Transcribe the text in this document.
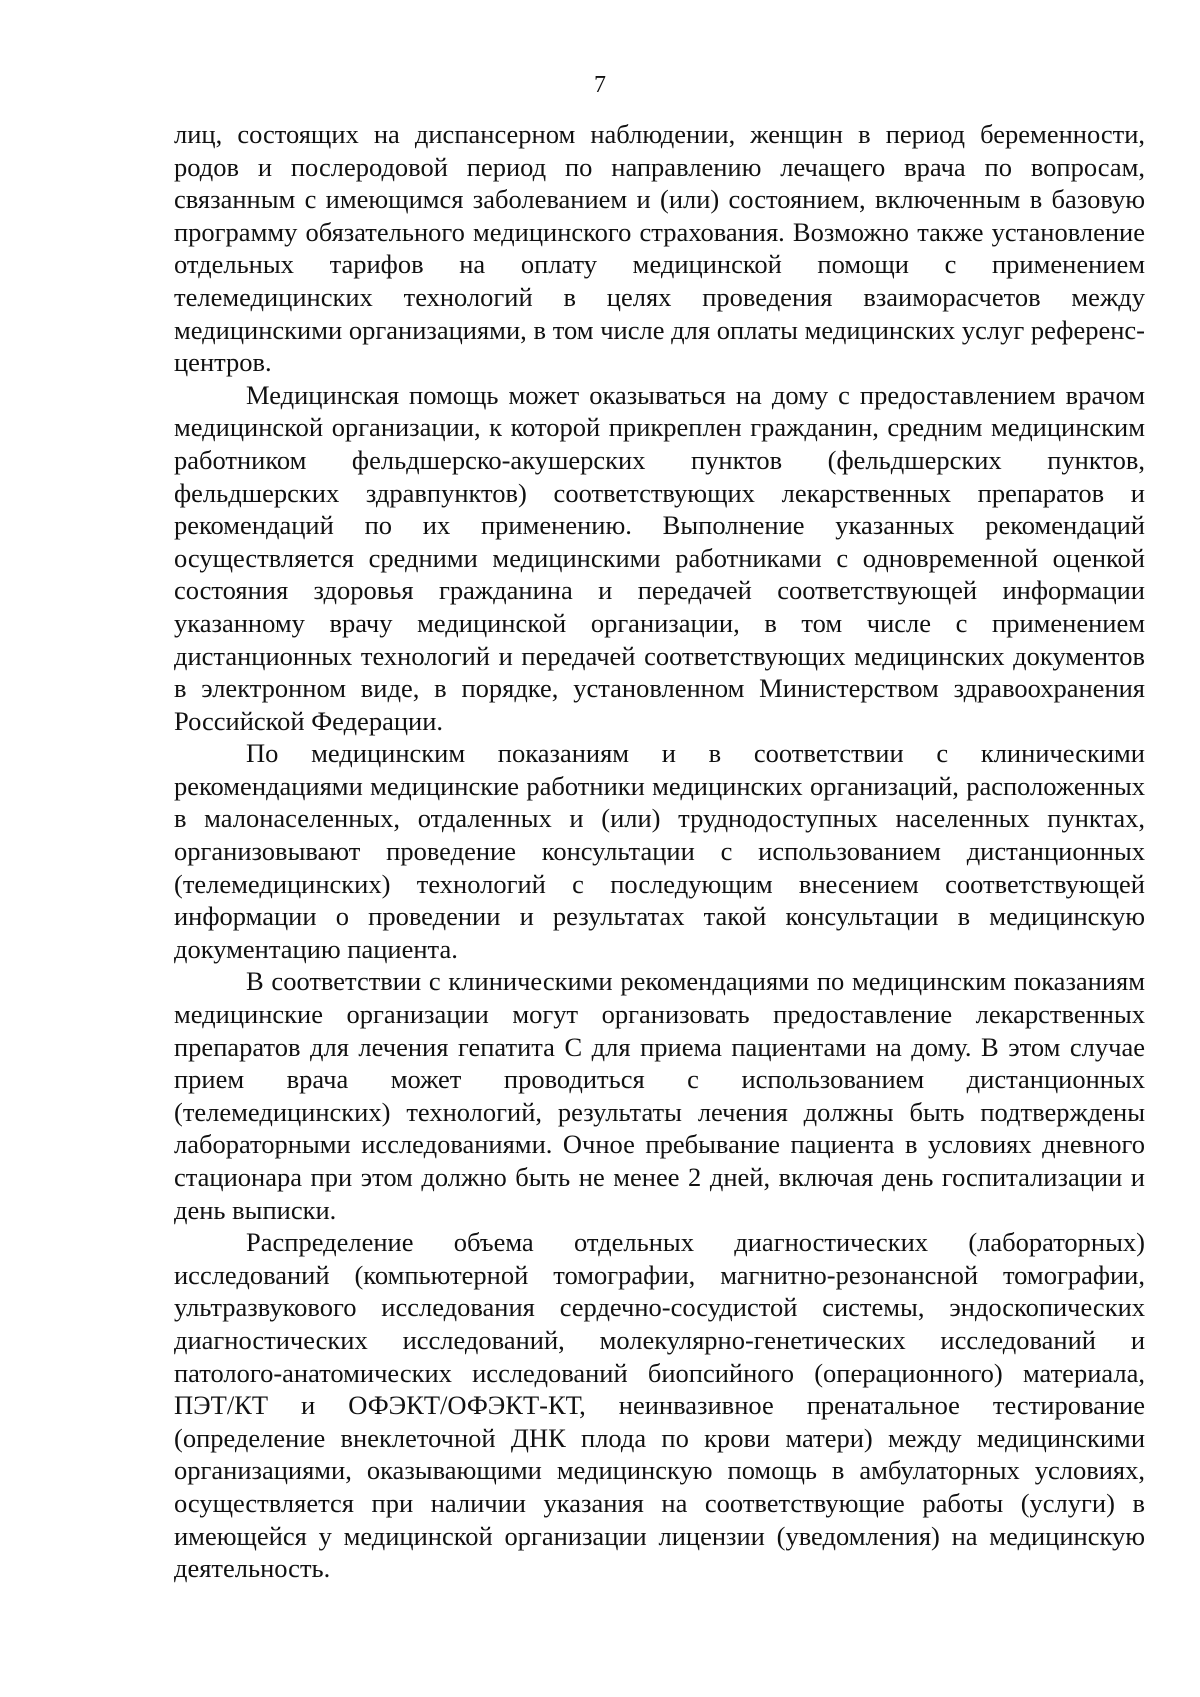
7

лиц, состоящих на диспансерном наблюдении, женщин в период беременности, родов и послеродовой период по направлению лечащего врача по вопросам, связанным с имеющимся заболеванием и (или) состоянием, включенным в базовую программу обязательного медицинского страхования. Возможно также установление отдельных тарифов на оплату медицинской помощи с применением телемедицинских технологий в целях проведения взаиморасчетов между медицинскими организациями, в том числе для оплаты медицинских услуг референс-центров.

Медицинская помощь может оказываться на дому с предоставлением врачом медицинской организации, к которой прикреплен гражданин, средним медицинским работником фельдшерско-акушерских пунктов (фельдшерских пунктов, фельдшерских здравпунктов) соответствующих лекарственных препаратов и рекомендаций по их применению. Выполнение указанных рекомендаций осуществляется средними медицинскими работниками с одновременной оценкой состояния здоровья гражданина и передачей соответствующей информации указанному врачу медицинской организации, в том числе с применением дистанционных технологий и передачей соответствующих медицинских документов в электронном виде, в порядке, установленном Министерством здравоохранения Российской Федерации.

По медицинским показаниям и в соответствии с клиническими рекомендациями медицинские работники медицинских организаций, расположенных в малонаселенных, отдаленных и (или) труднодоступных населенных пунктах, организовывают проведение консультации с использованием дистанционных (телемедицинских) технологий с последующим внесением соответствующей информации о проведении и результатах такой консультации в медицинскую документацию пациента.

В соответствии с клиническими рекомендациями по медицинским показаниям медицинские организации могут организовать предоставление лекарственных препаратов для лечения гепатита С для приема пациентами на дому. В этом случае прием врача может проводиться с использованием дистанционных (телемедицинских) технологий, результаты лечения должны быть подтверждены лабораторными исследованиями. Очное пребывание пациента в условиях дневного стационара при этом должно быть не менее 2 дней, включая день госпитализации и день выписки.

Распределение объема отдельных диагностических (лабораторных) исследований (компьютерной томографии, магнитно-резонансной томографии, ультразвукового исследования сердечно-сосудистой системы, эндоскопических диагностических исследований, молекулярно-генетических исследований и патолого-анатомических исследований биопсийного (операционного) материала, ПЭТ/КТ и ОФЭКТ/ОФЭКТ-КТ, неинвазивное пренатальное тестирование (определение внеклеточной ДНК плода по крови матери) между медицинскими организациями, оказывающими медицинскую помощь в амбулаторных условиях, осуществляется при наличии указания на соответствующие работы (услуги) в имеющейся у медицинской организации лицензии (уведомления) на медицинскую деятельность.
